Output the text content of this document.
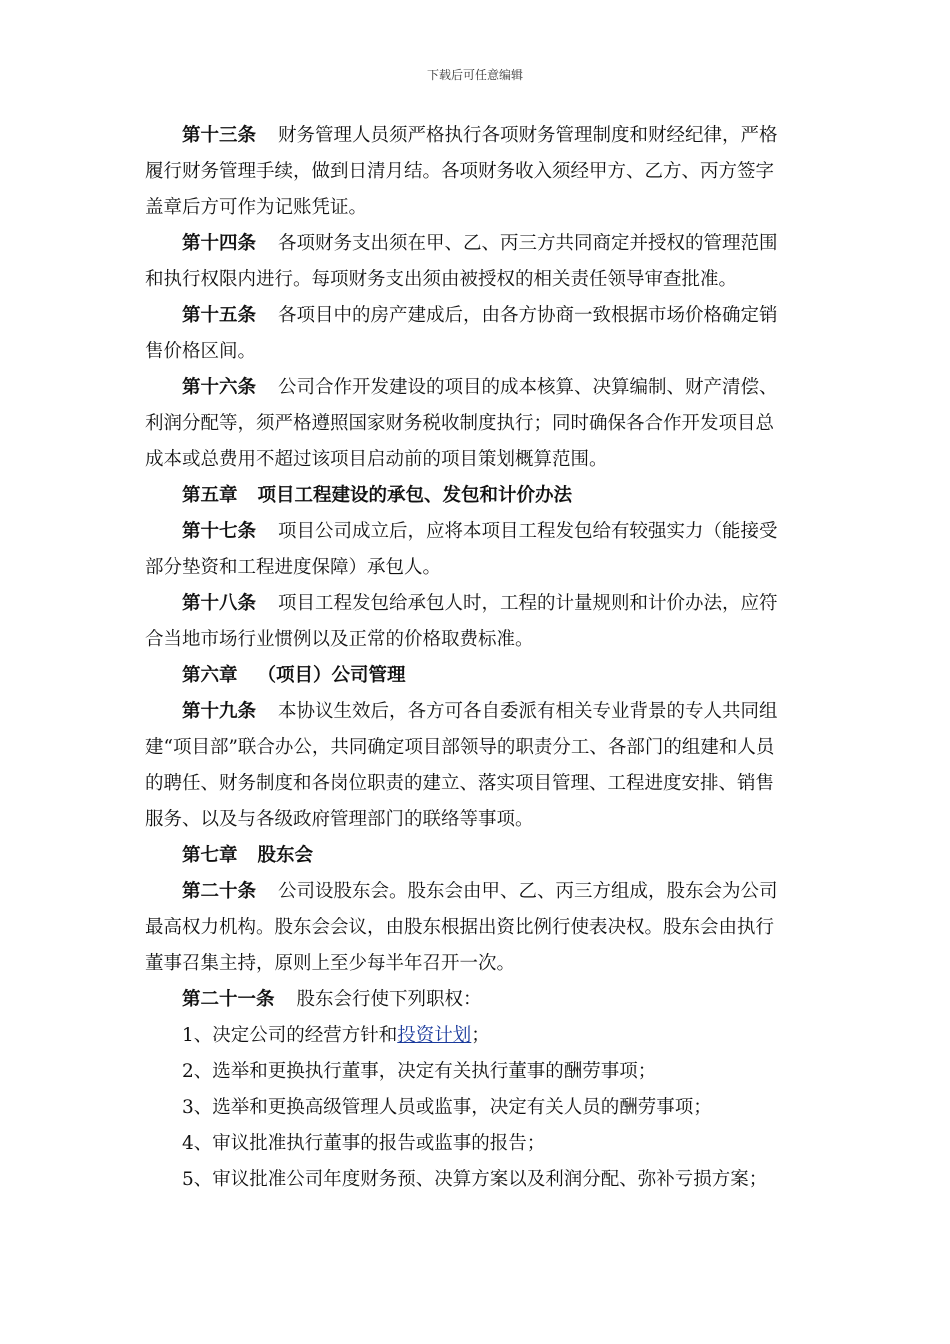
下载后可任意编辑

第十三条 财务管理人员须严格执行各项财务管理制度和财经纪律，严格履行财务管理手续，做到日清月结。各项财务收入须经甲方、乙方、丙方签字盖章后方可作为记账凭证。

第十四条 各项财务支出须在甲、乙、丙三方共同商定并授权的管理范围和执行权限内进行。每项财务支出须由被授权的相关责任领导审查批准。

第十五条 各项目中的房产建成后，由各方协商一致根据市场价格确定销售价格区间。

第十六条 公司合作开发建设的项目的成本核算、决算编制、财产清偿、利润分配等，须严格遵照国家财务税收制度执行；同时确保各合作开发项目总成本或总费用不超过该项目启动前的项目策划概算范围。

第五章 项目工程建设的承包、发包和计价办法

第十七条 项目公司成立后，应将本项目工程发包给有较强实力（能接受部分垫资和工程进度保障）承包人。

第十八条 项目工程发包给承包人时，工程的计量规则和计价办法，应符合当地市场行业惯例以及正常的价格取费标准。

第六章 （项目）公司管理

第十九条 本协议生效后，各方可各自委派有相关专业背景的专人共同组建“项目部”联合办公，共同确定项目部领导的职责分工、各部门的组建和人员的聘任、财务制度和各岗位职责的建立、落实项目管理、工程进度安排、销售服务、以及与各级政府管理部门的联络等事项。

第七章 股东会

第二十条 公司设股东会。股东会由甲、乙、丙三方组成，股东会为公司最高权力机构。股东会会议，由股东根据出资比例行使表决权。股东会由执行董事召集主持，原则上至少每半年召开一次。

第二十一条 股东会行使下列职权：

1、决定公司的经营方针和投资计划；

2、选举和更换执行董事，决定有关执行董事的酬劳事项；

3、选举和更换高级管理人员或监事，决定有关人员的酬劳事项；

4、审议批准执行董事的报告或监事的报告；

5、审议批准公司年度财务预、决算方案以及利润分配、弥补亏损方案；
